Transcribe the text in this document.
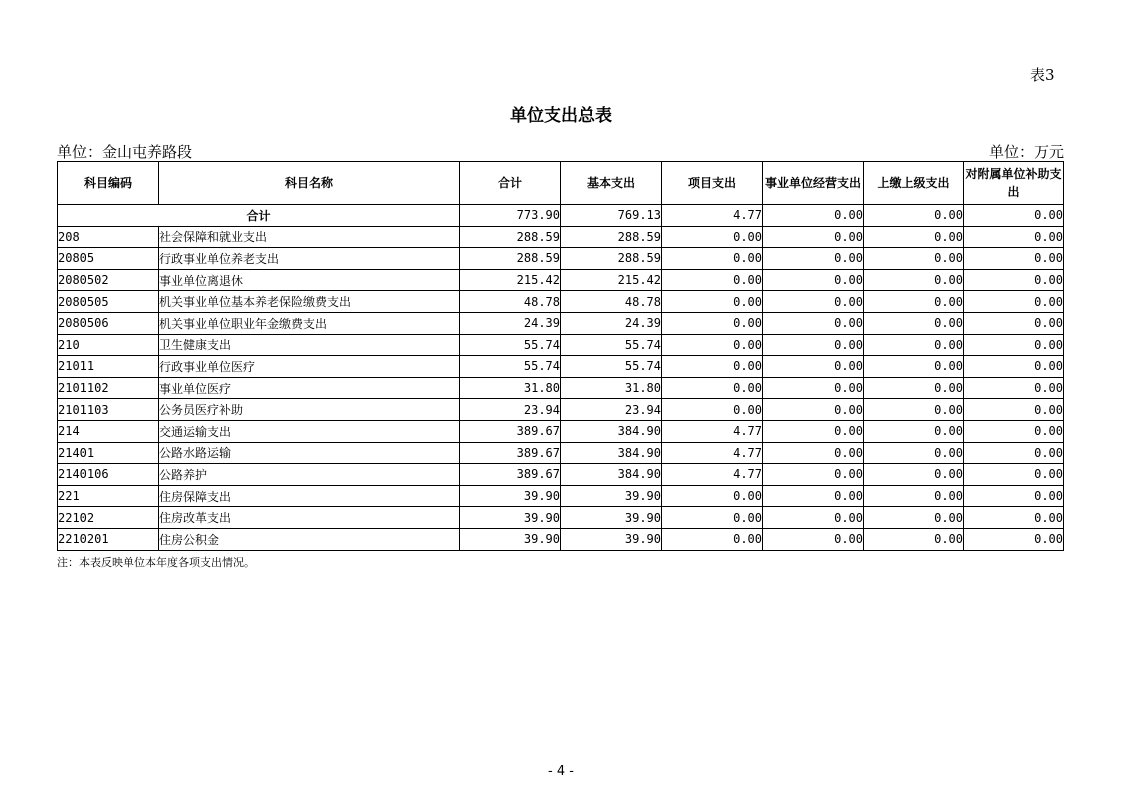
表3
单位支出总表
单位：金山屯养路段	单位：万元
科目编码	科目名称	合计	基本支出	项目支出	事业单位经营支出	上缴上级支出	对附属单位补助支出
合计		773.90	769.13	4.77	0.00	0.00	0.00
208	社会保障和就业支出	288.59	288.59	0.00	0.00	0.00	0.00
20805	行政事业单位养老支出	288.59	288.59	0.00	0.00	0.00	0.00
2080502	事业单位离退休	215.42	215.42	0.00	0.00	0.00	0.00
2080505	机关事业单位基本养老保险缴费支出	48.78	48.78	0.00	0.00	0.00	0.00
2080506	机关事业单位职业年金缴费支出	24.39	24.39	0.00	0.00	0.00	0.00
210	卫生健康支出	55.74	55.74	0.00	0.00	0.00	0.00
21011	行政事业单位医疗	55.74	55.74	0.00	0.00	0.00	0.00
2101102	事业单位医疗	31.80	31.80	0.00	0.00	0.00	0.00
2101103	公务员医疗补助	23.94	23.94	0.00	0.00	0.00	0.00
214	交通运输支出	389.67	384.90	4.77	0.00	0.00	0.00
21401	公路水路运输	389.67	384.90	4.77	0.00	0.00	0.00
2140106	公路养护	389.67	384.90	4.77	0.00	0.00	0.00
221	住房保障支出	39.90	39.90	0.00	0.00	0.00	0.00
22102	住房改革支出	39.90	39.90	0.00	0.00	0.00	0.00
2210201	住房公积金	39.90	39.90	0.00	0.00	0.00	0.00
注：本表反映单位本年度各项支出情况。
- 4 -
